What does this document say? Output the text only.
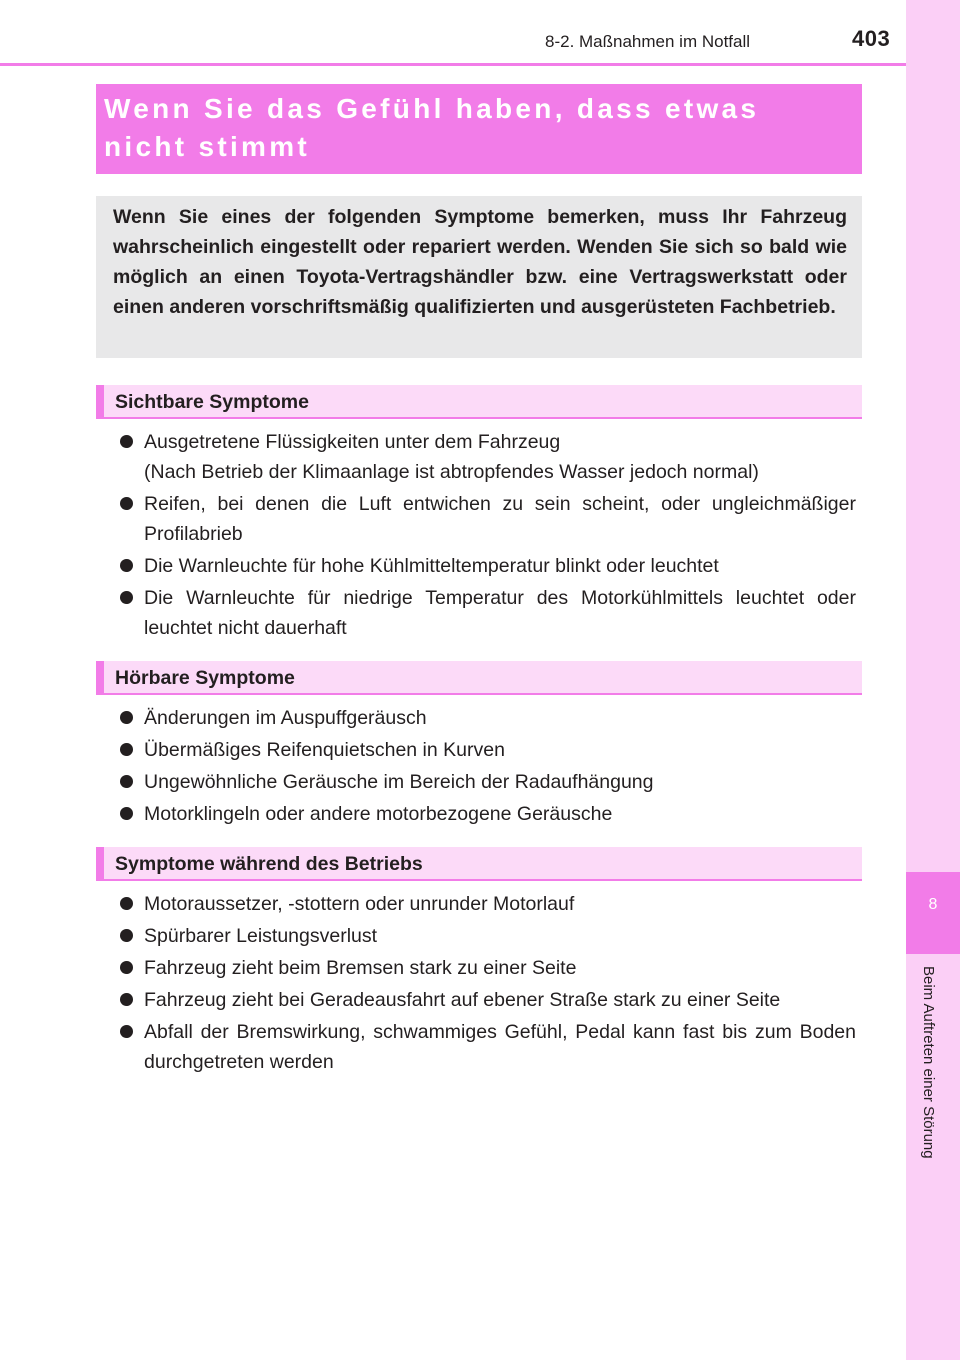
8-2. Maßnahmen im Notfall	403
8
Beim Auftreten einer Störung
Wenn Sie das Gefühl haben, dass etwas nicht stimmt

Wenn Sie eines der folgenden Symptome bemerken, muss Ihr Fahrzeug wahrscheinlich eingestellt oder repariert werden. Wenden Sie sich so bald wie möglich an einen Toyota-Vertragshändler bzw. eine Vertragswerkstatt oder einen anderen vorschriftsmäßig qualifizierten und ausgerüsteten Fachbetrieb.

Sichtbare Symptome
Ausgetretene Flüssigkeiten unter dem Fahrzeug
(Nach Betrieb der Klimaanlage ist abtropfendes Wasser jedoch normal)
Reifen, bei denen die Luft entwichen zu sein scheint, oder ungleichmäßiger Profilabrieb
Die Warnleuchte für hohe Kühlmitteltemperatur blinkt oder leuchtet
Die Warnleuchte für niedrige Temperatur des Motorkühlmittels leuchtet oder leuchtet nicht dauerhaft
Hörbare Symptome
Änderungen im Auspuffgeräusch
Übermäßiges Reifenquietschen in Kurven
Ungewöhnliche Geräusche im Bereich der Radaufhängung
Motorklingeln oder andere motorbezogene Geräusche
Symptome während des Betriebs
Motoraussetzer, -stottern oder unrunder Motorlauf
Spürbarer Leistungsverlust
Fahrzeug zieht beim Bremsen stark zu einer Seite
Fahrzeug zieht bei Geradeausfahrt auf ebener Straße stark zu einer Seite
Abfall der Bremswirkung, schwammiges Gefühl, Pedal kann fast bis zum Boden durchgetreten werden
